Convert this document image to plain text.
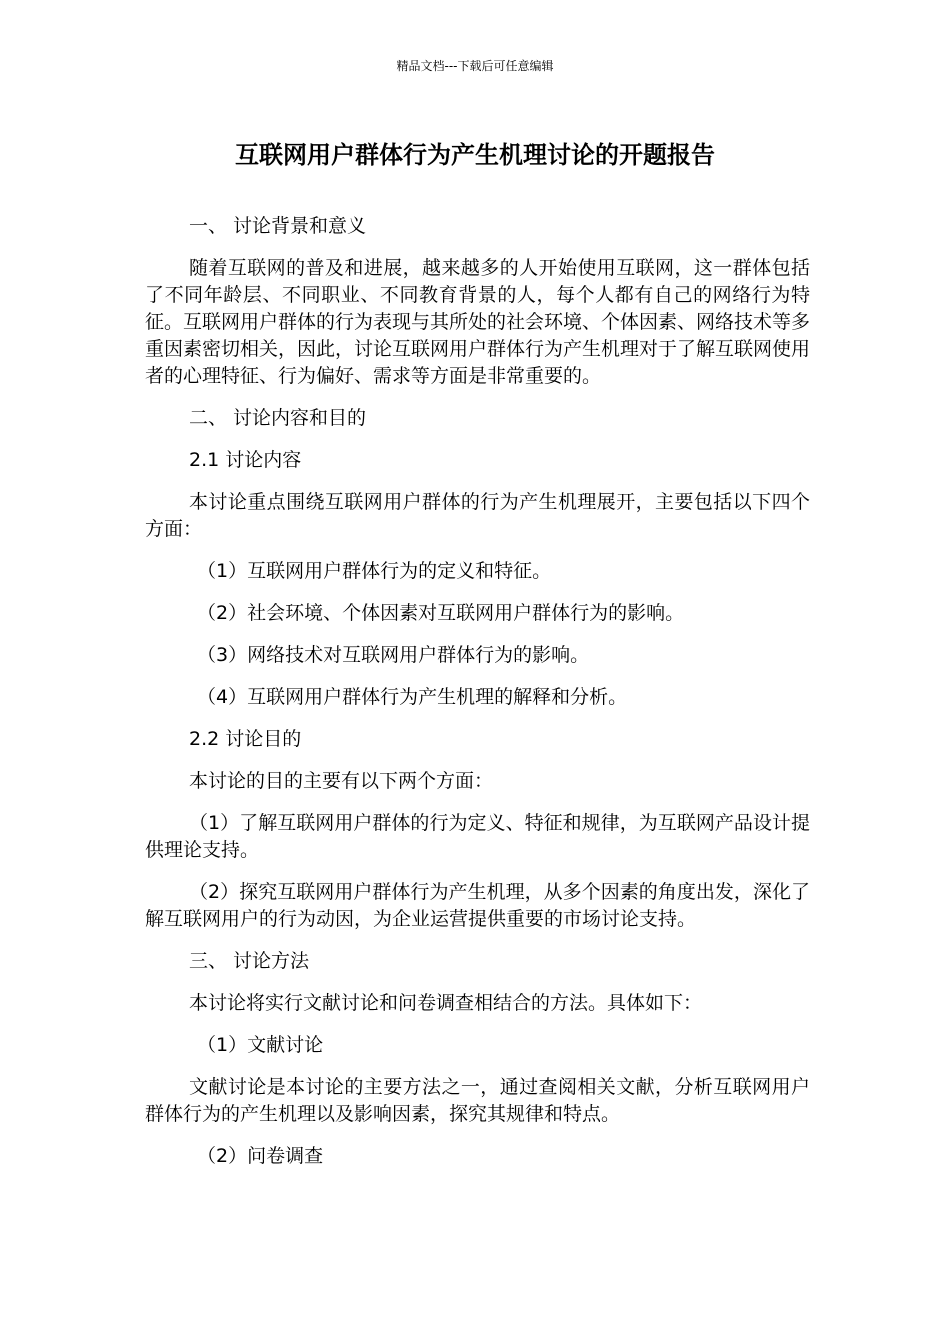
精品文档---下载后可任意编辑
互联网用户群体行为产生机理讨论的开题报告

一、 讨论背景和意义

随着互联网的普及和进展，越来越多的人开始使用互联网，这一群体包括了不同年龄层、不同职业、不同教育背景的人，每个人都有自己的网络行为特征。互联网用户群体的行为表现与其所处的社会环境、个体因素、网络技术等多重因素密切相关，因此，讨论互联网用户群体行为产生机理对于了解互联网使用者的心理特征、行为偏好、需求等方面是非常重要的。

二、 讨论内容和目的

2.1 讨论内容

本讨论重点围绕互联网用户群体的行为产生机理展开，主要包括以下四个方面：

（1）互联网用户群体行为的定义和特征。

（2）社会环境、个体因素对互联网用户群体行为的影响。

（3）网络技术对互联网用户群体行为的影响。

（4）互联网用户群体行为产生机理的解释和分析。

2.2 讨论目的

本讨论的目的主要有以下两个方面：

（1）了解互联网用户群体的行为定义、特征和规律，为互联网产品设计提供理论支持。

（2）探究互联网用户群体行为产生机理，从多个因素的角度出发，深化了解互联网用户的行为动因，为企业运营提供重要的市场讨论支持。

三、 讨论方法

本讨论将实行文献讨论和问卷调查相结合的方法。具体如下：

（1）文献讨论

文献讨论是本讨论的主要方法之一，通过查阅相关文献，分析互联网用户群体行为的产生机理以及影响因素，探究其规律和特点。

（2）问卷调查
